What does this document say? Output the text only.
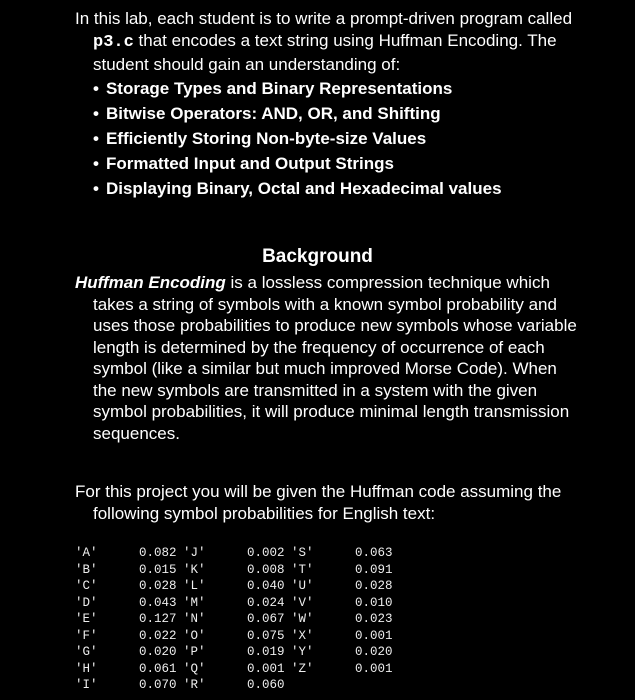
In this lab, each student is to write a prompt-driven program called p3.c that encodes a text string using Huffman Encoding. The student should gain an understanding of:

• Storage Types and Binary Representations
• Bitwise Operators: AND, OR, and Shifting
• Efficiently Storing Non-byte-size Values
• Formatted Input and Output Strings
• Displaying Binary, Octal and Hexadecimal values
Background

Huffman Encoding is a lossless compression technique which takes a string of symbols with a known symbol probability and uses those probabilities to produce new symbols whose variable length is determined by the frequency of occurrence of each symbol (like a similar but much improved Morse Code). When the new symbols are transmitted in a system with the given symbol probabilities, it will produce minimal length transmission sequences.

For this project you will be given the Huffman code assuming the following symbol probabilities for English text:

'A'	0.082	'J'	0.002	'S'	0.063
'B'	0.015	'K'	0.008	'T'	0.091
'C'	0.028	'L'	0.040	'U'	0.028
'D'	0.043	'M'	0.024	'V'	0.010
'E'	0.127	'N'	0.067	'W'	0.023
'F'	0.022	'O'	0.075	'X'	0.001
'G'	0.020	'P'	0.019	'Y'	0.020
'H'	0.061	'Q'	0.001	'Z'	0.001
'I'	0.070	'R'	0.060		
